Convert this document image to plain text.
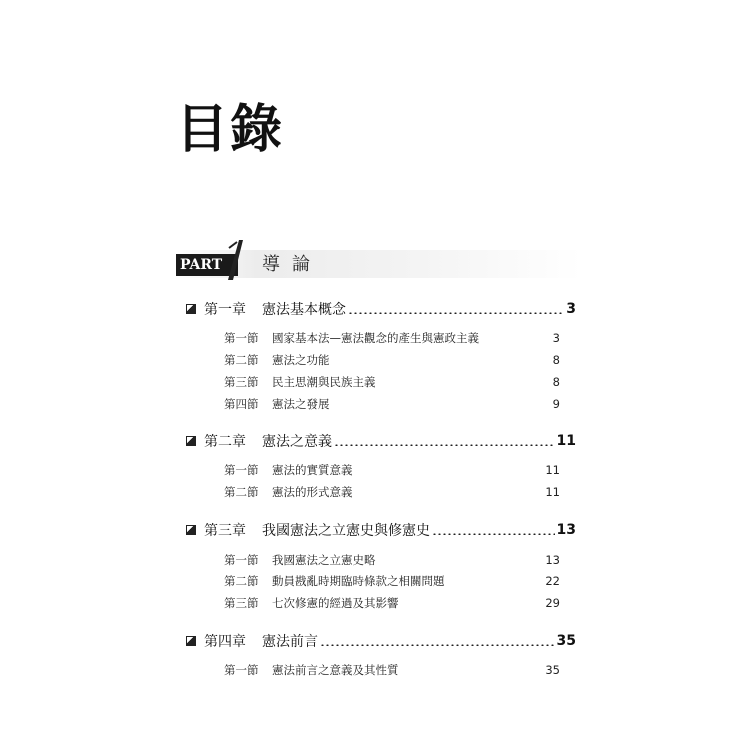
目錄
PART	導論
第一章	憲法基本概念	3
第一節	國家基本法—憲法觀念的產生與憲政主義	3
第二節	憲法之功能	8
第三節	民主思潮與民族主義	8
第四節	憲法之發展	9
第二章	憲法之意義	11
第一節	憲法的實質意義	11
第二節	憲法的形式意義	11
第三章	我國憲法之立憲史與修憲史	13
第一節	我國憲法之立憲史略	13
第二節	動員戡亂時期臨時條款之相關問題	22
第三節	七次修憲的經過及其影響	29
第四章	憲法前言	35
第一節	憲法前言之意義及其性質	35
